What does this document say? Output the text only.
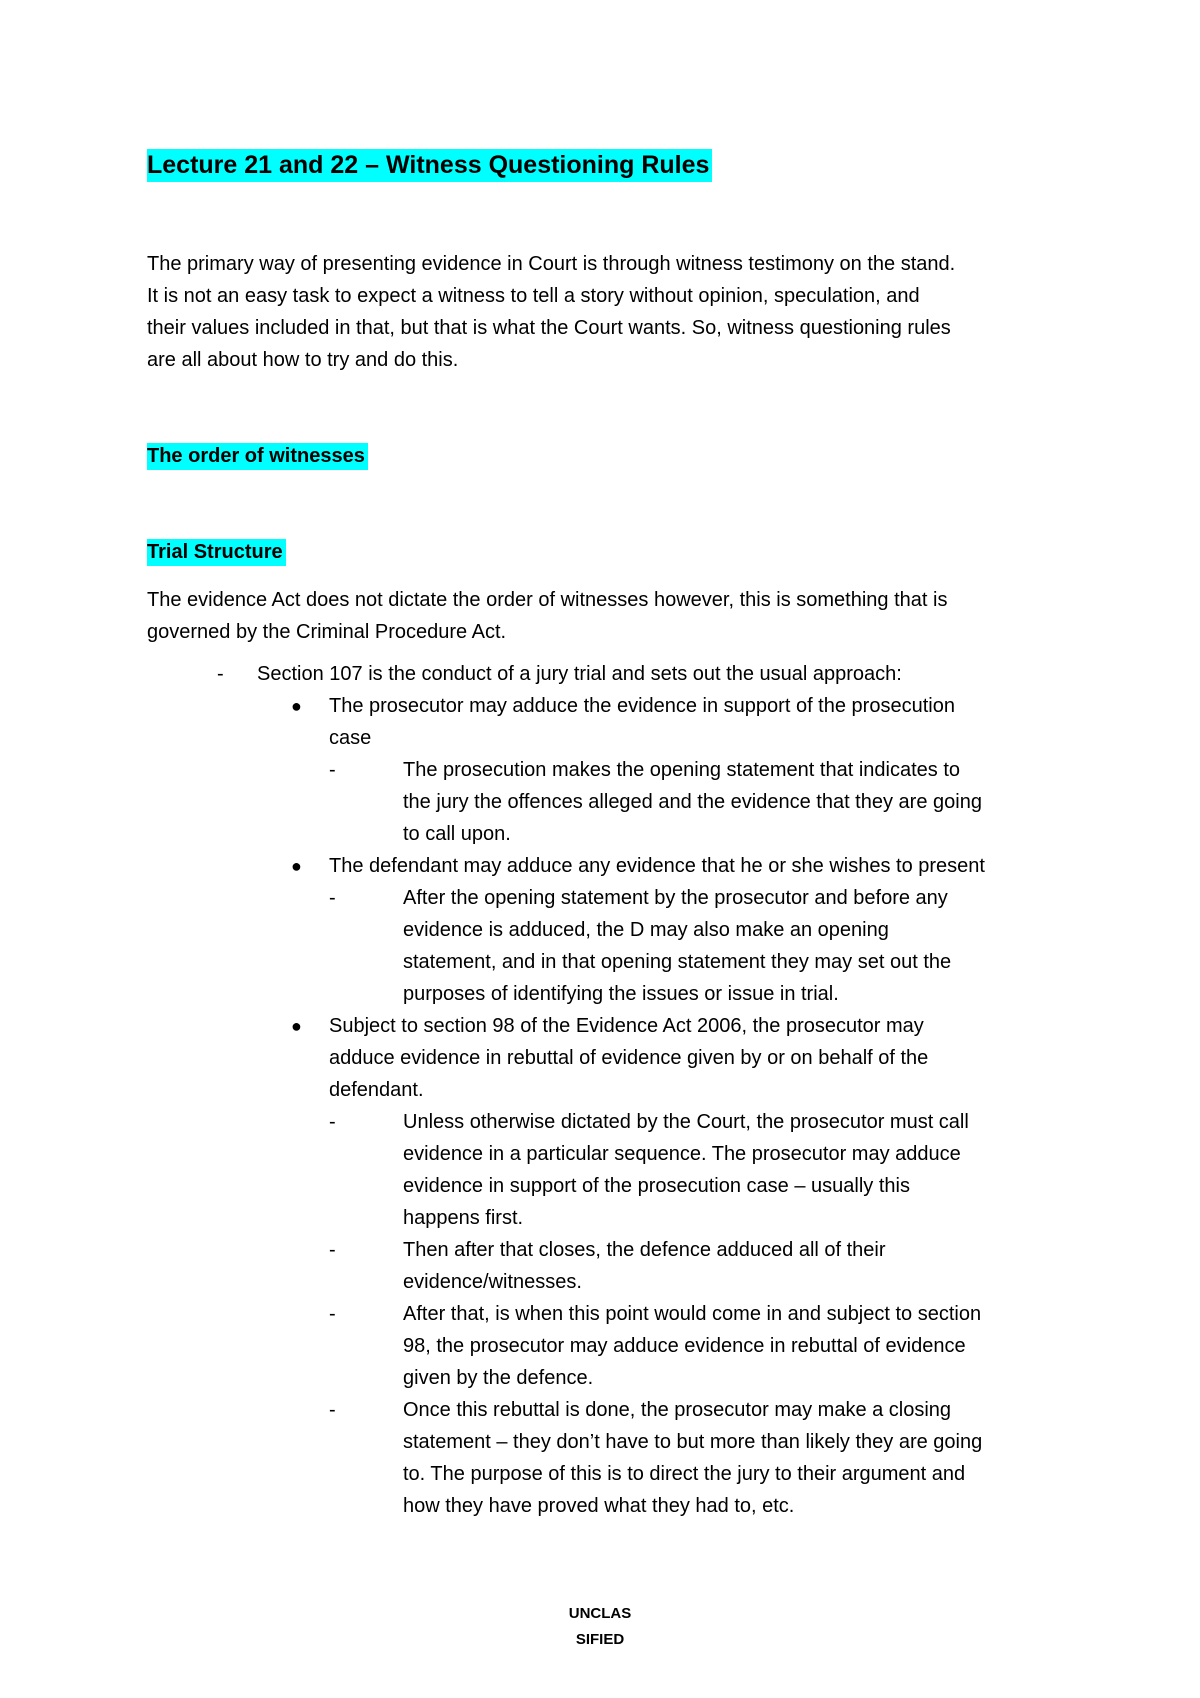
Lecture 21 and 22 – Witness Questioning Rules
The primary way of presenting evidence in Court is through witness testimony on the stand.
It is not an easy task to expect a witness to tell a story without opinion, speculation, and
their values included in that, but that is what the Court wants. So, witness questioning rules
are all about how to try and do this.
The order of witnesses
Trial Structure
The evidence Act does not dictate the order of witnesses however, this is something that is
governed by the Criminal Procedure Act.
- Section 107 is the conduct of a jury trial and sets out the usual approach:
● The prosecutor may adduce the evidence in support of the prosecution case
-	The prosecution makes the opening statement that indicates to the jury the offences alleged and the evidence that they are going to call upon.
● The defendant may adduce any evidence that he or she wishes to present
-	After the opening statement by the prosecutor and before any evidence is adduced, the D may also make an opening statement, and in that opening statement they may set out the purposes of identifying the issues or issue in trial.
● Subject to section 98 of the Evidence Act 2006, the prosecutor may adduce evidence in rebuttal of evidence given by or on behalf of the defendant.
-	Unless otherwise dictated by the Court, the prosecutor must call evidence in a particular sequence. The prosecutor may adduce evidence in support of the prosecution case – usually this happens first.
-	Then after that closes, the defence adduced all of their evidence/witnesses.
-	After that, is when this point would come in and subject to section 98, the prosecutor may adduce evidence in rebuttal of evidence given by the defence.
-	Once this rebuttal is done, the prosecutor may make a closing statement – they don’t have to but more than likely they are going to. The purpose of this is to direct the jury to their argument and how they have proved what they had to, etc.
UNCLAS
SIFIED
